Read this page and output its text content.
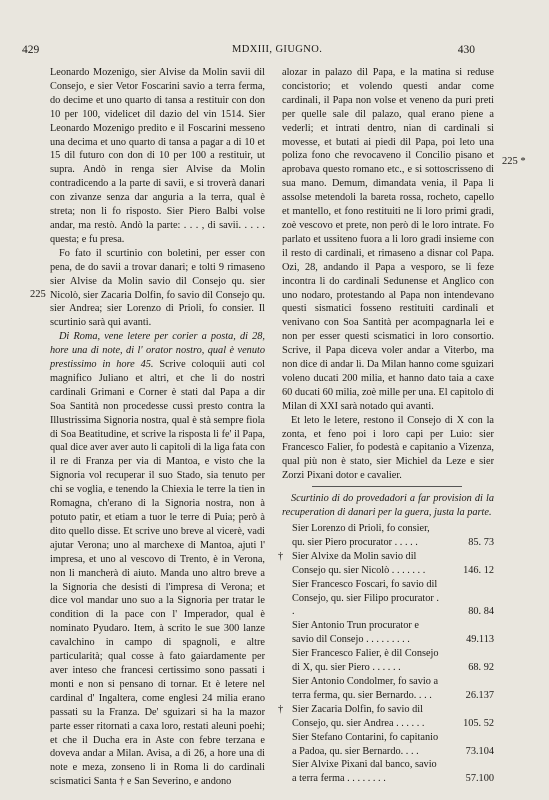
429	MDXIII, GIUGNO.	430
225
225 *

Leonardo Mozenigo, sier Alvise da Molin savii dil Consejo, e sier Vetor Foscarini savio a terra ferma, do decime et uno quarto di tansa a restituir con don 10 per 100, videlicet dil dazio del vin 1514. Sier Leonardo Mozenigo predito e il Foscarini messeno una decima et uno quarto di tansa a pagar a di 10 et 15 dil futuro con don di 10 per 100 a restituir, ut supra. Andò in renga sier Alvise da Molin contradicendo a la parte di savii, e si troverà danari con zivanze senza dar anguria a la terra, qual è streta; non li fo risposto. Sier Piero Balbi volse andar, ma restò. Andò la parte: . . . , di savii. . . . . questa; e fu presa.

Fo fato il scurtinio con boletini, per esser con pena, de do savii a trovar danari; e tolti 9 rimaseno sier Alvise da Molin savio dil Consejo qu. sier Nicolò, sier Zacaria Dolfin, fo savio dil Consejo qu. sier Andrea; sier Lorenzo di Prioli, fo consier. Il scurtinio sarà qui avanti.

Di Roma, vene letere per corier a posta, di 28, hore una di note, di l' orator nostro, qual è venuto prestissimo in hore 45. Scrive coloquii auti col magnifico Juliano et altri, et che li do nostri cardinali Grimani e Corner è stati dal Papa a dir Soa Santità non procedesse cussì presto contra la Illustrissima Signoria nostra, qual è stà sempre fiola di Soa Beatitudine, et scrive la risposta li fe' il Papa, qual dice aver aver auto li capitoli di la liga fata con il re di Franza per via di Mantoa, e visto che la Signoria vol recuperar il suo Stado, sia tenuto per chi se voglia, e tenendo la Chiexia le terre la tien in Romagna, ch'erano di la Signoria nostra, non à potuto patir, et etiam a tuor le terre di Puia; però à dito quello disse. Et scrive uno breve al vicerè, vadi ajutar Verona; uno al marchexe di Mantoa, ajuti l' impresa, et uno al vescovo di Trento, è in Verona, non li mancherà di aiuto. Manda uno altro breve a la Signoria che desisti di l'impresa di Verona; et dice vol mandar uno suo a la Signoria per tratar le condition di la pace con l' Imperador, qual è nominato Pyudaro. Item, à scrito le sue 300 lanze cavalchino in campo di spagnoli, e altre particularità; qual cosse à fato gaiardamente per aver inteso che francesi certissimo sono passati i monti e non si pensano di tornar. Et è letere nel cardinal d' Ingaltera, come englesi 24 milia erano passati su la Franza. De' sguizari si ha la mazor parte esser ritornati a caxa loro, restati aleuni poehi; et che il Ducha era in Aste con febre terzana e doveva andar a Milan. Avisa, a di 26, a hore una di note e meza, zonseno li in Roma li do cardinali scismatici Santa † e San Severino, e andono

alozar in palazo dil Papa, e la matina si reduse concistorio; et volendo questi andar come cardinali, il Papa non volse et veneno da puri preti per quelle sale dil palazo, qual erano piene a vederli; et intrati dentro, nian di cardinali si movesse, et butati ai piedi dil Papa, poi leto una poliza fono che revocaveno il Concilio pisano et aprobava questo romano etc., e si sottoscrisseno di sua mano. Demum, dimandata venia, il Papa li assolse metendoli la bareta rossa, rocheto, capello et mantello, et fono restituiti ne li loro primi gradi, zoè vescovo et prete, non però di le loro intrate. Fo parlato et ussiteno fuora a li loro gradi insieme con il resto di cardinali, et rimaseno a disnar col Papa. Ozi, 28, andando il Papa a vesporo, se li feze incontra li do cardinali Sedunense et Anglico con uno nodaro, protestando al Papa non intendevano questi sismatici fosseno restituiti cardinali et venivano con Soa Santità per acompagnarla lei e non per esser questi scismatici in loro consortio. Scrive, il Papa diceva voler andar a Viterbo, ma non dice di andar lì. Da Milan hanno come sguizari voleno ducati 200 milia, et hanno dato taia a caxe 60 ducati 60 milia, zoè mille per una. El capitolo di Milan di XXI sarà notado qui avanti.

Et leto le letere, restono il Consejo di X con la zonta, et feno poi i loro capi per Luio: sier Francesco Falier, fo podestà e capitanio a Vizenza, qual più non è stato, sier Michiel da Leze e sier Zorzi Pixani dotor e cavalier.

Scurtinio di do provedadori a far provision di la recuperation di danari per la guera, justa la parte.

Sier Lorenzo di Prioli, fo consier, qu. sier Piero procurator . . . . .	85. 73
† Sier Alvixe da Molin savio dil Consejo qu. sier Nicolò . . . . . . .	146. 12
Sier Francesco Foscari, fo savio dil Consejo, qu. sier Filipo procurator . .	80. 84
Sier Antonio Trun procurator e savio dil Consejo . . . . . . . . .	49.113
Sier Francesco Falier, è dil Consejo di X, qu. sier Piero . . . . . .	68. 92
Sier Antonio Condolmer, fo savio a terra ferma, qu. sier Bernardo. . . .	26.137
† Sier Zacaria Dolfin, fo savio dil Consejo, qu. sier Andrea . . . . . .	105. 52
Sier Stefano Contarini, fo capitanio a Padoa, qu. sier Bernardo. . . .	73.104
Sier Alvixe Pixani dal banco, savio a terra ferma . . . . . . . .	57.100
